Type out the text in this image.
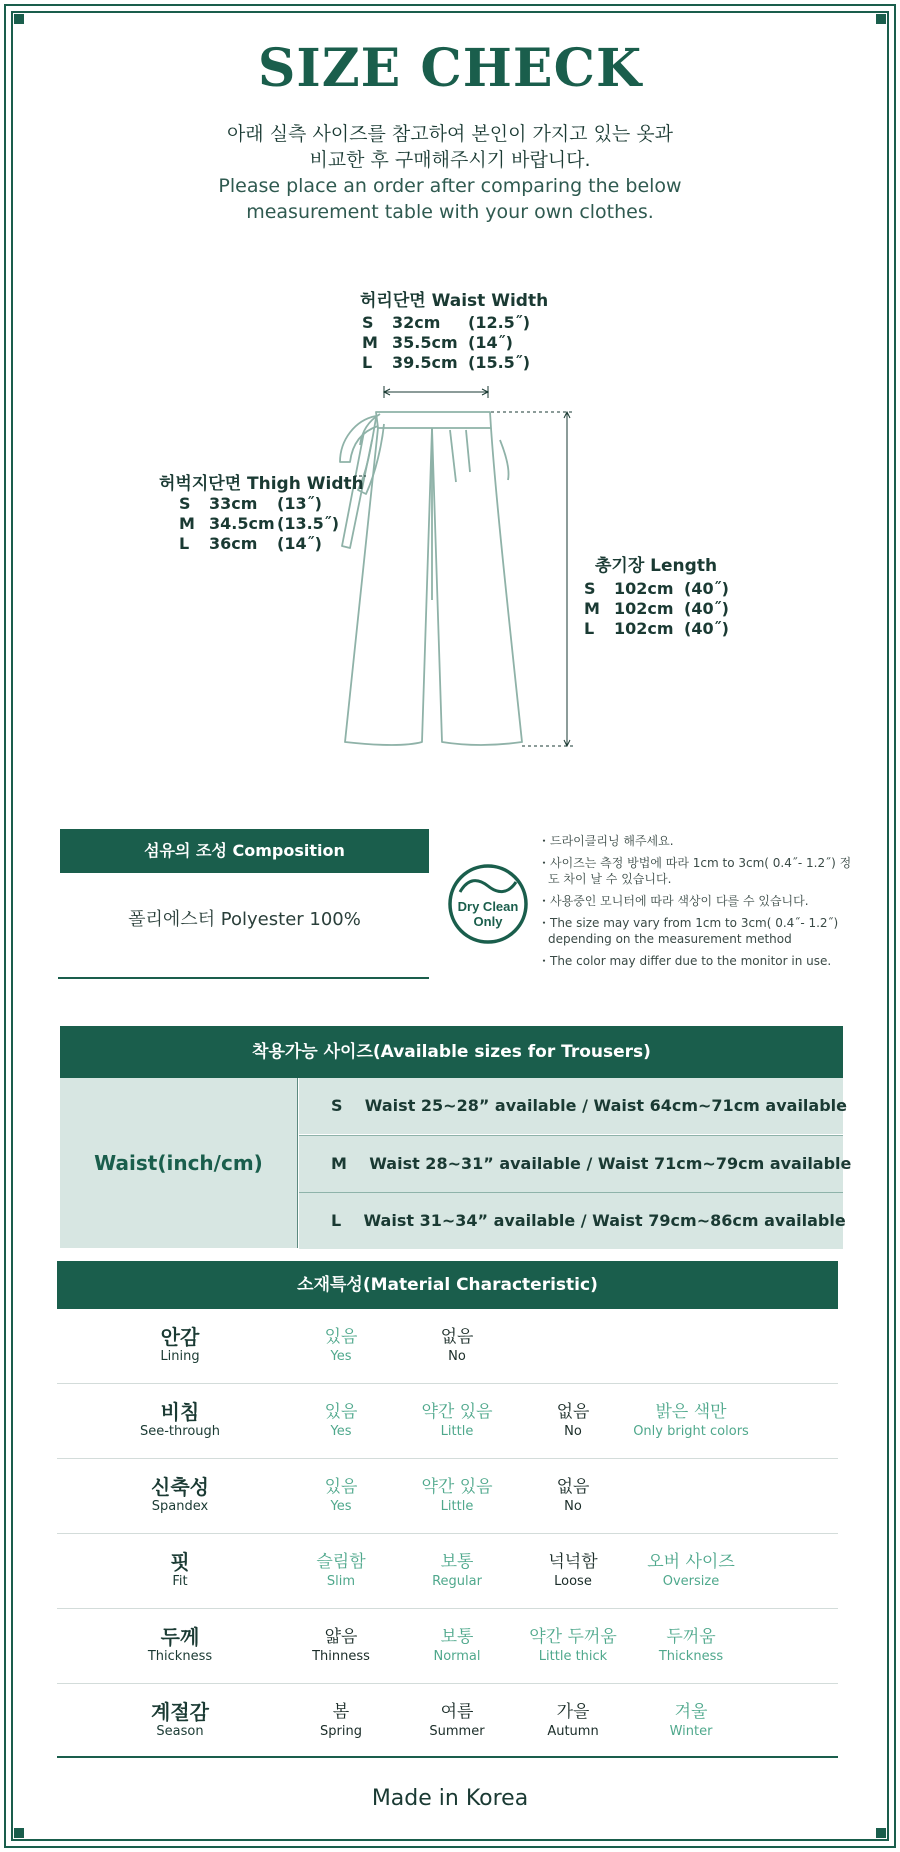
SIZE CHECK
아래 실측 사이즈를 참고하여 본인이 가지고 있는 옷과
비교한 후 구매해주시기 바랍니다.
Please place an order after comparing the below
measurement table with your own clothes.
허리단면 Waist Width
S 32cm (12.5˝)
M 35.5cm (14˝)
L 39.5cm (15.5˝)
허벅지단면 Thigh Width
S 33cm (13˝)
M 34.5cm (13.5˝)
L 36cm (14˝)
총기장 Length
S 102cm (40˝)
M 102cm (40˝)
L 102cm (40˝)
섬유의 조성 Composition
폴리에스터 Polyester 100%
Dry Clean
Only
・드라이클리닝 해주세요.
・사이즈는 측정 방법에 따라 1cm to 3cm( 0.4˝- 1.2˝) 정도 차이 날 수 있습니다.
・사용중인 모니터에 따라 색상이 다를 수 있습니다.
・The size may vary from 1cm to 3cm( 0.4˝- 1.2˝) depending on the measurement method
・The color may differ due to the monitor in use.
착용가능 사이즈(Available sizes for Trousers)
Waist(inch/cm)
S    Waist 25~28” available / Waist 64cm~71cm available
M    Waist 28~31” available / Waist 71cm~79cm available
L    Waist 31~34” available / Waist 79cm~86cm available
소재특성(Material Characteristic)
안감
Lining
있음
Yes
없음
No
비침
See-through
있음
Yes
약간 있음
Little
없음
No
밝은 색만
Only bright colors
신축성
Spandex
있음
Yes
약간 있음
Little
없음
No
핏
Fit
슬림함
Slim
보통
Regular
넉넉함
Loose
오버 사이즈
Oversize
두께
Thickness
얇음
Thinness
보통
Normal
약간 두꺼움
Little thick
두꺼움
Thickness
계절감
Season
봄
Spring
여름
Summer
가을
Autumn
겨울
Winter
Made in Korea
